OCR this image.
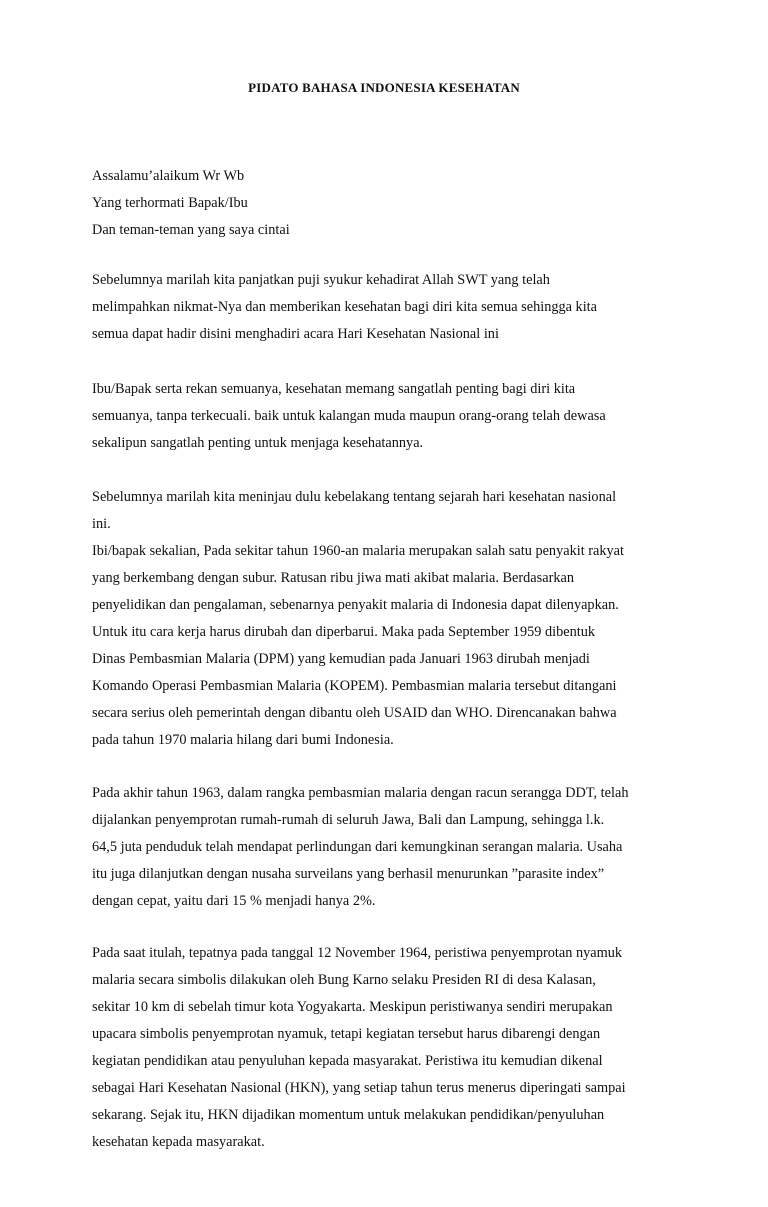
PIDATO BAHASA INDONESIA KESEHATAN
Assalamu’alaikum Wr Wb
Yang terhormati Bapak/Ibu
Dan teman-teman yang saya cintai
Sebelumnya marilah kita panjatkan puji syukur kehadirat Allah SWT yang telah
melimpahkan nikmat-Nya dan memberikan kesehatan bagi diri kita semua sehingga kita
semua dapat hadir disini menghadiri acara Hari Kesehatan Nasional ini
Ibu/Bapak serta rekan semuanya, kesehatan memang sangatlah penting bagi diri kita
semuanya, tanpa terkecuali. baik untuk kalangan muda maupun orang-orang telah dewasa
sekalipun sangatlah penting untuk menjaga kesehatannya.
Sebelumnya marilah kita meninjau dulu kebelakang tentang sejarah hari kesehatan nasional
ini.
Ibi/bapak sekalian, Pada sekitar tahun 1960-an malaria merupakan salah satu penyakit rakyat
yang berkembang dengan subur. Ratusan ribu jiwa mati akibat malaria. Berdasarkan
penyelidikan dan pengalaman, sebenarnya penyakit malaria di Indonesia dapat dilenyapkan.
Untuk itu cara kerja harus dirubah dan diperbarui. Maka pada September 1959 dibentuk
Dinas Pembasmian Malaria (DPM) yang kemudian pada Januari 1963 dirubah menjadi
Komando Operasi Pembasmian Malaria (KOPEM). Pembasmian malaria tersebut ditangani
secara serius oleh pemerintah dengan dibantu oleh USAID dan WHO. Direncanakan bahwa
pada tahun 1970 malaria hilang dari bumi Indonesia.
Pada akhir tahun 1963, dalam rangka pembasmian malaria dengan racun serangga DDT, telah
dijalankan penyemprotan rumah-rumah di seluruh Jawa, Bali dan Lampung, sehingga l.k.
64,5 juta penduduk telah mendapat perlindungan dari kemungkinan serangan malaria. Usaha
itu juga dilanjutkan dengan nusaha surveilans yang berhasil menurunkan ”parasite index”
dengan cepat, yaitu dari 15 % menjadi hanya 2%.
Pada saat itulah, tepatnya pada tanggal 12 November 1964, peristiwa penyemprotan nyamuk
malaria secara simbolis dilakukan oleh Bung Karno selaku Presiden RI di desa Kalasan,
sekitar 10 km di sebelah timur kota Yogyakarta. Meskipun peristiwanya sendiri merupakan
upacara simbolis penyemprotan nyamuk, tetapi kegiatan tersebut harus dibarengi dengan
kegiatan pendidikan atau penyuluhan kepada masyarakat. Peristiwa itu kemudian dikenal
sebagai Hari Kesehatan Nasional (HKN), yang setiap tahun terus menerus diperingati sampai
sekarang. Sejak itu, HKN dijadikan momentum untuk melakukan pendidikan/penyuluhan
kesehatan kepada masyarakat.
